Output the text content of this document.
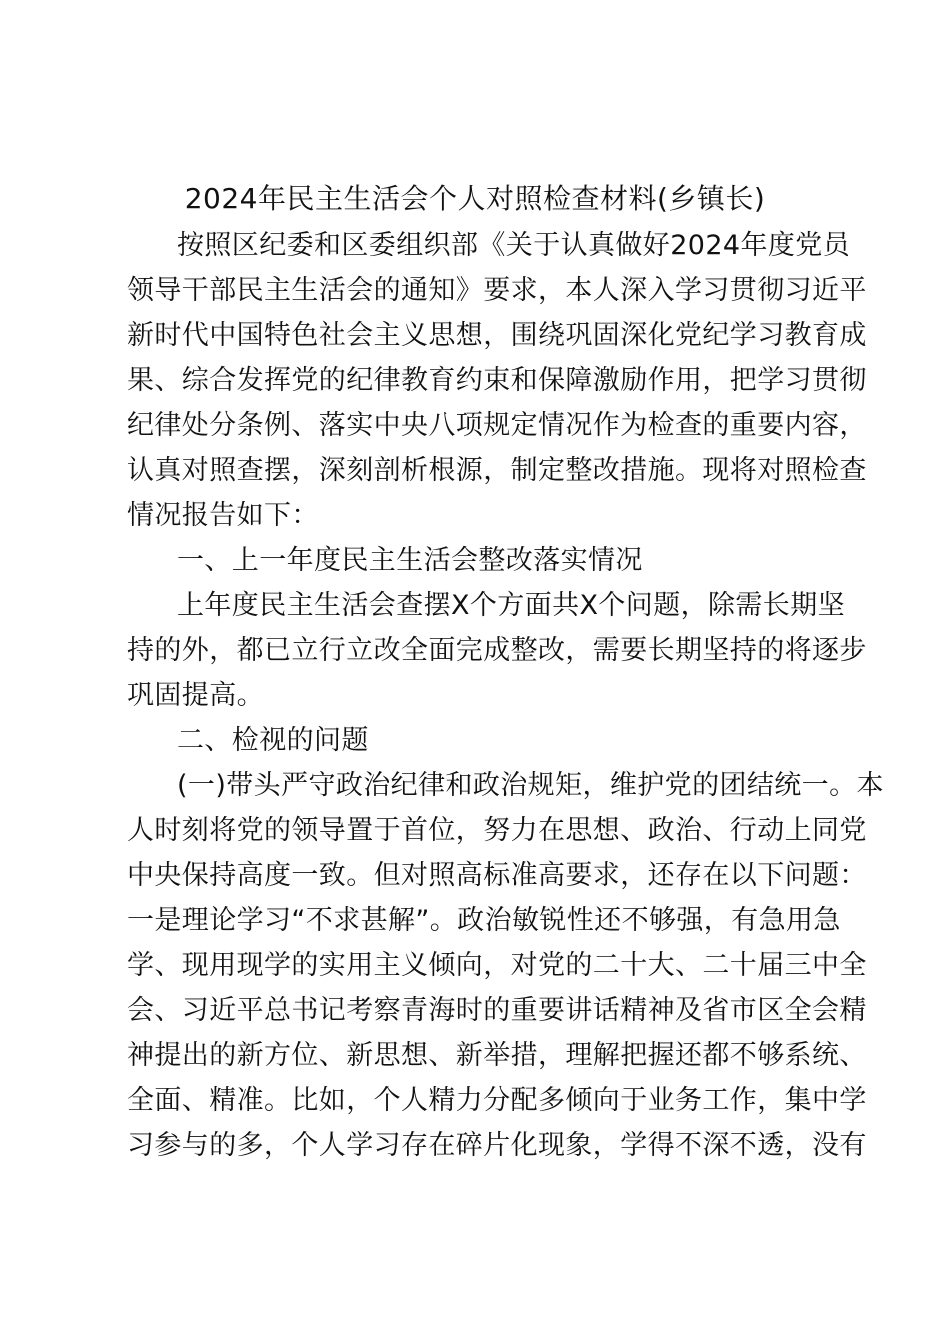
2024年民主生活会个人对照检查材料(乡镇长)
按照区纪委和区委组织部《关于认真做好2024年度党员
领导干部民主生活会的通知》要求，本人深入学习贯彻习近平
新时代中国特色社会主义思想，围绕巩固深化党纪学习教育成
果、综合发挥党的纪律教育约束和保障激励作用，把学习贯彻
纪律处分条例、落实中央八项规定情况作为检查的重要内容，
认真对照查摆，深刻剖析根源，制定整改措施。现将对照检查
情况报告如下：
一、上一年度民主生活会整改落实情况
上年度民主生活会查摆X个方面共X个问题，除需长期坚
持的外，都已立行立改全面完成整改，需要长期坚持的将逐步
巩固提高。
二、检视的问题
(一)带头严守政治纪律和政治规矩，维护党的团结统一。本
人时刻将党的领导置于首位，努力在思想、政治、行动上同党
中央保持高度一致。但对照高标准高要求，还存在以下问题：
一是理论学习“不求甚解”。政治敏锐性还不够强，有急用急
学、现用现学的实用主义倾向，对党的二十大、二十届三中全
会、习近平总书记考察青海时的重要讲话精神及省市区全会精
神提出的新方位、新思想、新举措，理解把握还都不够系统、
全面、精准。比如，个人精力分配多倾向于业务工作，集中学
习参与的多，个人学习存在碎片化现象，学得不深不透，没有
